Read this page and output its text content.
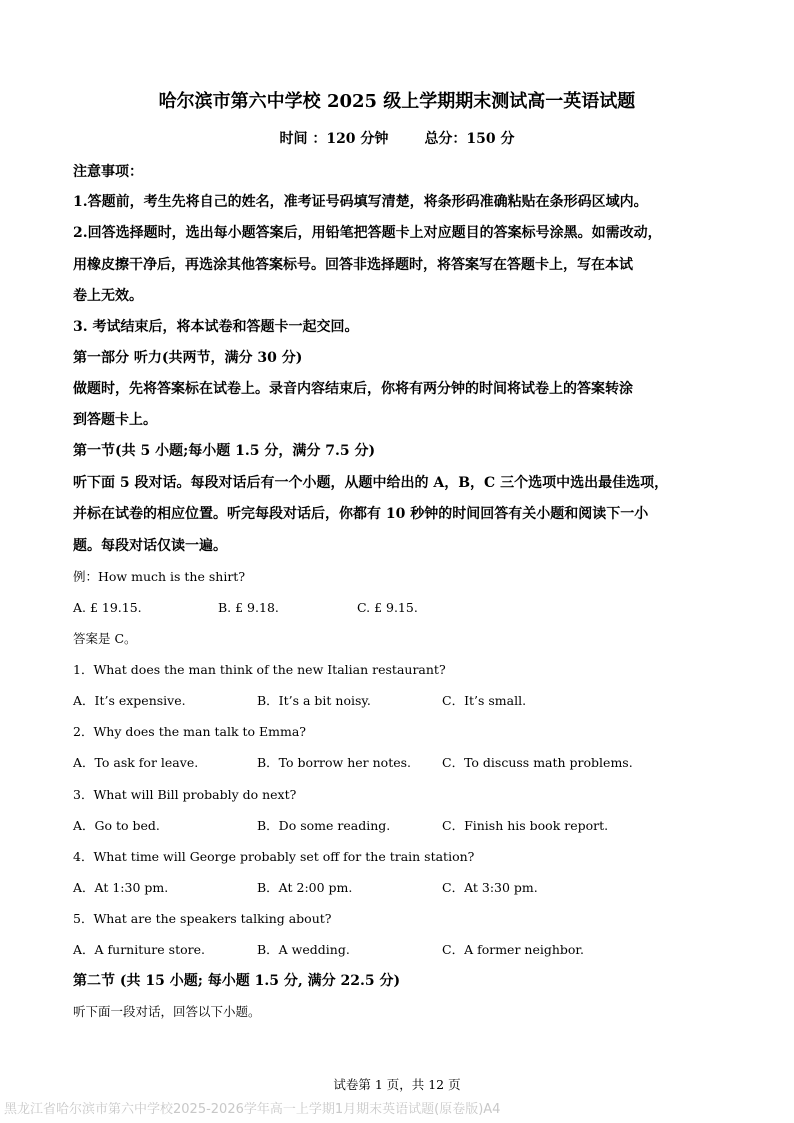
哈尔滨市第六中学校 2025 级上学期期末测试高一英语试题
时间 ：120 分钟	总分：150 分
注意事项：
1.答题前，考生先将自己的姓名，准考证号码填写清楚，将条形码准确粘贴在条形码区域内。
2.回答选择题时，选出每小题答案后，用铅笔把答题卡上对应题目的答案标号涂黑。如需改动，
用橡皮擦干净后，再选涂其他答案标号。回答非选择题时，将答案写在答题卡上，写在本试
卷上无效。
3. 考试结束后，将本试卷和答题卡一起交回。
第一部分 听力(共两节，满分 30 分)
做题时，先将答案标在试卷上。录音内容结束后，你将有两分钟的时间将试卷上的答案转涂
到答题卡上。
第一节(共 5 小题;每小题 1.5 分，满分 7.5 分)
听下面 5 段对话。每段对话后有一个小题，从题中给出的 A，B，C 三个选项中选出最佳选项，
并标在试卷的相应位置。听完每段对话后，你都有 10 秒钟的时间回答有关小题和阅读下一小
题。每段对话仅读一遍。
例：How much is the shirt?
A. £ 19.15.	B. £ 9.18.	C. £ 9.15.
答案是 C。
1．What does the man think of the new Italian restaurant?
A．It’s expensive.	B．It’s a bit noisy.	C．It’s small.
2．Why does the man talk to Emma?
A．To ask for leave.	B．To borrow her notes. C．To discuss math problems.
3．What will Bill probably do next?
A．Go to bed.	B．Do some reading.	C．Finish his book report.
4．What time will George probably set off for the train station?
A．At 1:30 pm.	B．At 2:00 pm.	C．At 3:30 pm.
5．What are the speakers talking about?
A．A furniture store.	B．A wedding.	C．A former neighbor.
第二节 (共 15 小题; 每小题 1.5 分, 满分 22.5 分)
听下面一段对话，回答以下小题。
试卷第 1 页，共 12 页
黑龙江省哈尔滨市第六中学校2025-2026学年高一上学期1月期末英语试题(原卷版)A4
